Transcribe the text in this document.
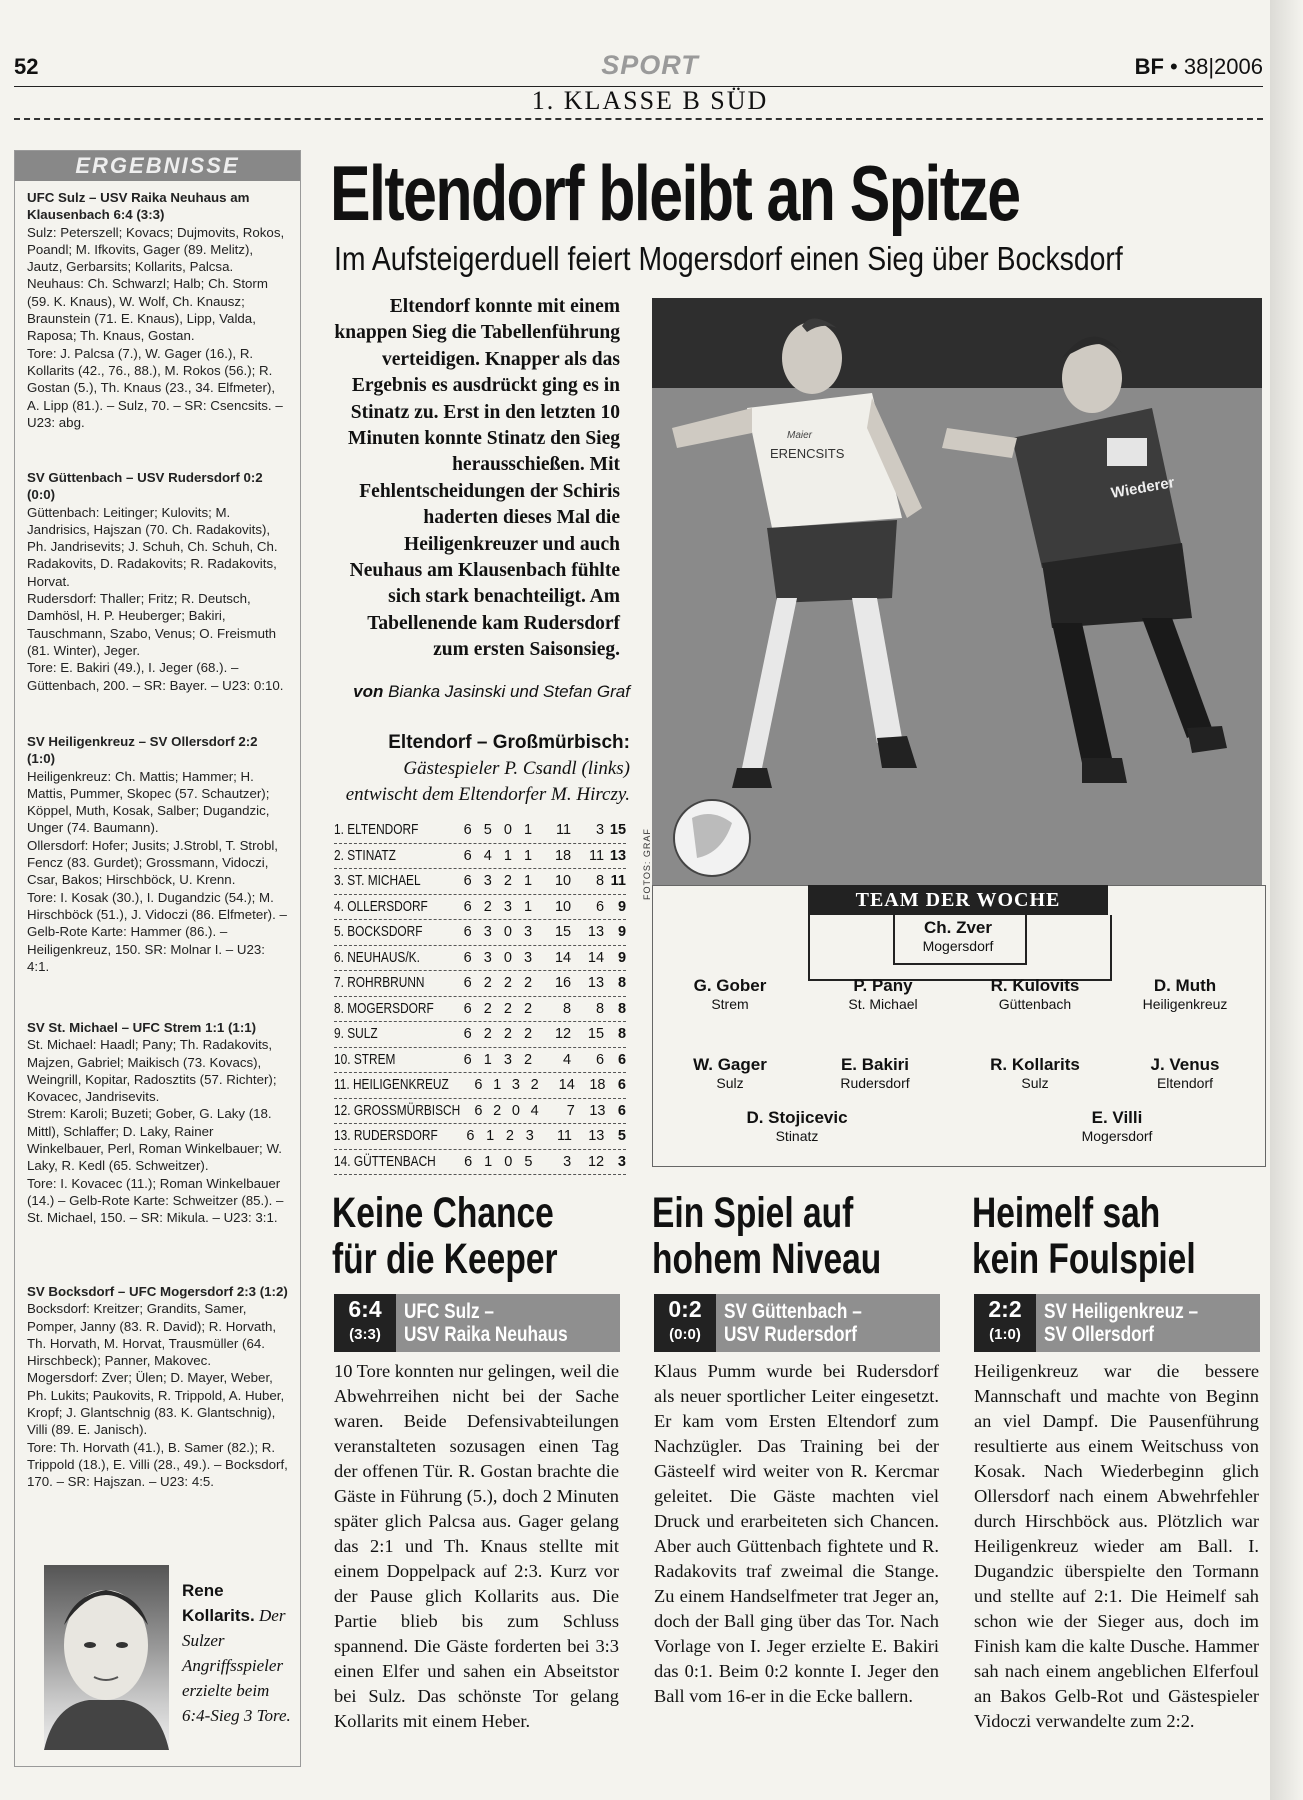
52	SPORT	BF • 38|2006
1. KLASSE B SÜD
ERGEBNISSE
UFC Sulz – USV Raika Neuhaus am Klausenbach 6:4 (3:3)
Sulz: Peterszell; Kovacs; Dujmovits, Rokos, Poandl; M. Ifkovits, Gager (89. Melitz), Jautz, Gerbarsits; Kollarits, Palcsa.
Neuhaus: Ch. Schwarzl; Halb; Ch. Storm (59. K. Knaus), W. Wolf, Ch. Knausz; Braunstein (71. E. Knaus), Lipp, Valda, Raposa; Th. Knaus, Gostan.
Tore: J. Palcsa (7.), W. Gager (16.), R. Kollarits (42., 76., 88.), M. Rokos (56.); R. Gostan (5.), Th. Knaus (23., 34. Elfmeter), A. Lipp (81.). – Sulz, 70. – SR: Csencsits. – U23: abg.
SV Güttenbach – USV Rudersdorf 0:2 (0:0)
Güttenbach: Leitinger; Kulovits; M. Jandrisics, Hajszan (70. Ch. Radakovits), Ph. Jandrisevits; J. Schuh, Ch. Schuh, Ch. Radakovits, D. Radakovits; R. Radakovits, Horvat.
Rudersdorf: Thaller; Fritz; R. Deutsch, Damhösl, H. P. Heuberger; Bakiri, Tauschmann, Szabo, Venus; O. Freismuth (81. Winter), Jeger.
Tore: E. Bakiri (49.), I. Jeger (68.). – Güttenbach, 200. – SR: Bayer. – U23: 0:10.
SV Heiligenkreuz – SV Ollersdorf 2:2 (1:0)
Heiligenkreuz: Ch. Mattis; Hammer; H. Mattis, Pummer, Skopec (57. Schautzer); Köppel, Muth, Kosak, Salber; Dugandzic, Unger (74. Baumann).
Ollersdorf: Hofer; Jusits; J.Strobl, T. Strobl, Fencz (83. Gurdet); Grossmann, Vidoczi, Csar, Bakos; Hirschböck, U. Krenn.
Tore: I. Kosak (30.), I. Dugandzic (54.); M. Hirschböck (51.), J. Vidoczi (86. Elfmeter). – Gelb-Rote Karte: Hammer (86.). – Heiligenkreuz, 150. SR: Molnar I. – U23: 4:1.
SV St. Michael – UFC Strem 1:1 (1:1)
St. Michael: Haadl; Pany; Th. Radakovits, Majzen, Gabriel; Maikisch (73. Kovacs), Weingrill, Kopitar, Radosztits (57. Richter); Kovacec, Jandrisevits.
Strem: Karoli; Buzeti; Gober, G. Laky (18. Mittl), Schlaffer; D. Laky, Rainer Winkelbauer, Perl, Roman Winkelbauer; W. Laky, R. Kedl (65. Schweitzer).
Tore: I. Kovacec (11.); Roman Winkelbauer (14.) – Gelb-Rote Karte: Schweitzer (85.). – St. Michael, 150. – SR: Mikula. – U23: 3:1.
SV Bocksdorf – UFC Mogersdorf 2:3 (1:2)
Bocksdorf: Kreitzer; Grandits, Samer, Pomper, Janny (83. R. David); R. Horvath, Th. Horvath, M. Horvat, Trausmüller (64. Hirschbeck); Panner, Makovec.
Mogersdorf: Zver; Ülen; D. Mayer, Weber, Ph. Lukits; Paukovits, R. Trippold, A. Huber, Kropf; J. Glantschnig (83. K. Glantschnig), Villi (89. E. Janisch).
Tore: Th. Horvath (41.), B. Samer (82.); R. Trippold (18.), E. Villi (28., 49.). – Bocksdorf, 170. – SR: Hajszan. – U23: 4:5.
Rene Kollarits. Der Sulzer Angriffsspieler erzielte beim 6:4-Sieg 3 Tore.
Eltendorf bleibt an Spitze
Im Aufsteigerduell feiert Mogersdorf einen Sieg über Bocksdorf
Eltendorf konnte mit einem knappen Sieg die Tabellenführung verteidigen. Knapper als das Ergebnis es ausdrückt ging es in Stinatz zu. Erst in den letzten 10 Minuten konnte Stinatz den Sieg herausschießen. Mit Fehlentscheidungen der Schiris haderten dieses Mal die Heiligenkreuzer und auch Neuhaus am Klausenbach fühlte sich stark benachteiligt. Am Tabellenende kam Rudersdorf zum ersten Saisonsieg.
von Bianka Jasinski und Stefan Graf
Eltendorf – Großmürbisch: Gästespieler P. Csandl (links) entwischt dem Eltendorfer M. Hirczy.
Maier
ERENCSITS
Wiederer
FOTOS: GRAF
1. ELTENDORF	6 5 0 1	11	3 15
2. STINATZ	6 4 1 1	18	11 13
3. ST. MICHAEL	6 3 2 1	10	8 11
4. OLLERSDORF	6 2 3 1	10	6 9
5. BOCKSDORF	6 3 0 3	15	13 9
6. NEUHAUS/K.	6 3 0 3	14	14 9
7. ROHRBRUNN	6 2 2 2	16	13 8
8. MOGERSDORF	6 2 2 2	8	8 8
9. SULZ	6 2 2 2	12	15 8
10. STREM	6 1 3 2	4	6 6
11. HEILIGENKREUZ	6 1 3 2	14	18 6
12. GROSSMÜRBISCH 6 2 0 4	7	13 6
13. RUDERSDORF	6 1 2 3	11	13 5
14. GÜTTENBACH	6 1 0 5	3	12 3
TEAM DER WOCHE
Ch. Zver
Mogersdorf
G. Gober
Strem
P. Pany
St. Michael
R. Kulovits
Güttenbach
D. Muth
Heiligenkreuz
W. Gager
Sulz
E. Bakiri
Rudersdorf
R. Kollarits
Sulz
J. Venus
Eltendorf
D. Stojicevic
Stinatz
E. Villi
Mogersdorf
Keine Chance
für die Keeper
6:4
(3:3)
UFC Sulz –
USV Raika Neuhaus
10 Tore konnten nur gelingen, weil die Abwehrreihen nicht bei der Sache waren. Beide Defensivabteilungen veranstalteten sozusagen einen Tag der offenen Tür. R. Gostan brachte die Gäste in Führung (5.), doch 2 Minuten später glich Palcsa aus. Gager gelang das 2:1 und Th. Knaus stellte mit einem Doppelpack auf 2:3. Kurz vor der Pause glich Kollarits aus. Die Partie blieb bis zum Schluss spannend. Die Gäste forderten bei 3:3 einen Elfer und sahen ein Abseitstor bei Sulz. Das schönste Tor gelang Kollarits mit einem Heber.
Ein Spiel auf
hohem Niveau
0:2
(0:0)
SV Güttenbach –
USV Rudersdorf
Klaus Pumm wurde bei Rudersdorf als neuer sportlicher Leiter eingesetzt. Er kam vom Ersten Eltendorf zum Nachzügler. Das Training bei der Gästeelf wird weiter von R. Kercmar geleitet. Die Gäste machten viel Druck und erarbeiteten sich Chancen. Aber auch Güttenbach fightete und R. Radakovits traf zweimal die Stange. Zu einem Handselfmeter trat Jeger an, doch der Ball ging über das Tor. Nach Vorlage von I. Jeger erzielte E. Bakiri das 0:1. Beim 0:2 konnte I. Jeger den Ball vom 16-er in die Ecke ballern.
Heimelf sah
kein Foulspiel
2:2
(1:0)
SV Heiligenkreuz –
SV Ollersdorf
Heiligenkreuz war die bessere Mannschaft und machte von Beginn an viel Dampf. Die Pausenführung resultierte aus einem Weitschuss von Kosak. Nach Wiederbeginn glich Ollersdorf nach einem Abwehrfehler durch Hirschböck aus. Plötzlich war Heiligenkreuz wieder am Ball. I. Dugandzic überspielte den Tormann und stellte auf 2:1. Die Heimelf sah schon wie der Sieger aus, doch im Finish kam die kalte Dusche. Hammer sah nach einem angeblichen Elferfoul an Bakos Gelb-Rot und Gästespieler Vidoczi verwandelte zum 2:2.
